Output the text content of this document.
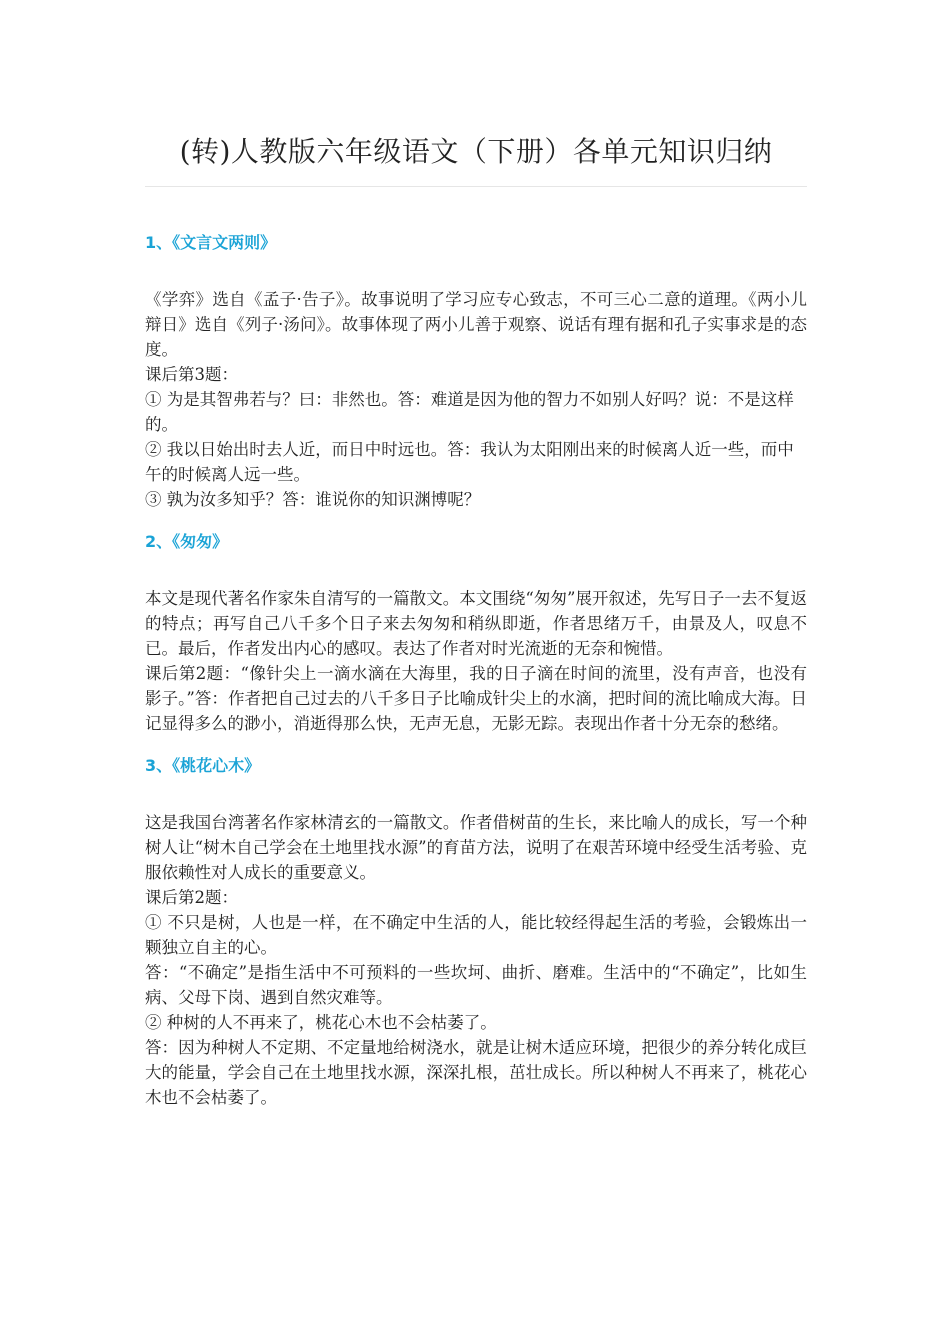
(转)人教版六年级语文（下册）各单元知识归纳
1、《文言文两则》

《学弈》选自《孟子·告子》。故事说明了学习应专心致志，不可三心二意的道理。《两小儿辩日》选自《列子·汤问》。故事体现了两小儿善于观察、说话有理有据和孔子实事求是的态度。

课后第3题：

① 为是其智弗若与？曰：非然也。答：难道是因为他的智力不如别人好吗？说：不是这样的。

② 我以日始出时去人近，而日中时远也。答：我认为太阳刚出来的时候离人近一些，而中午的时候离人远一些。

③ 孰为汝多知乎？答：谁说你的知识渊博呢？

2、《匆匆》

本文是现代著名作家朱自清写的一篇散文。本文围绕“匆匆”展开叙述，先写日子一去不复返的特点；再写自己八千多个日子来去匆匆和稍纵即逝，作者思绪万千，由景及人，叹息不已。最后，作者发出内心的感叹。表达了作者对时光流逝的无奈和惋惜。

课后第2题：“像针尖上一滴水滴在大海里，我的日子滴在时间的流里，没有声音，也没有影子。”答：作者把自己过去的八千多日子比喻成针尖上的水滴，把时间的流比喻成大海。日记显得多么的渺小，消逝得那么快，无声无息，无影无踪。表现出作者十分无奈的愁绪。

3、《桃花心木》

这是我国台湾著名作家林清玄的一篇散文。作者借树苗的生长，来比喻人的成长，写一个种树人让“树木自己学会在土地里找水源”的育苗方法，说明了在艰苦环境中经受生活考验、克服依赖性对人成长的重要意义。

课后第2题：

① 不只是树，人也是一样，在不确定中生活的人，能比较经得起生活的考验，会锻炼出一颗独立自主的心。

答：“不确定”是指生活中不可预料的一些坎坷、曲折、磨难。生活中的“不确定”，比如生病、父母下岗、遇到自然灾难等。

② 种树的人不再来了，桃花心木也不会枯萎了。

答：因为种树人不定期、不定量地给树浇水，就是让树木适应环境，把很少的养分转化成巨大的能量，学会自己在土地里找水源，深深扎根，茁壮成长。所以种树人不再来了，桃花心木也不会枯萎了。
